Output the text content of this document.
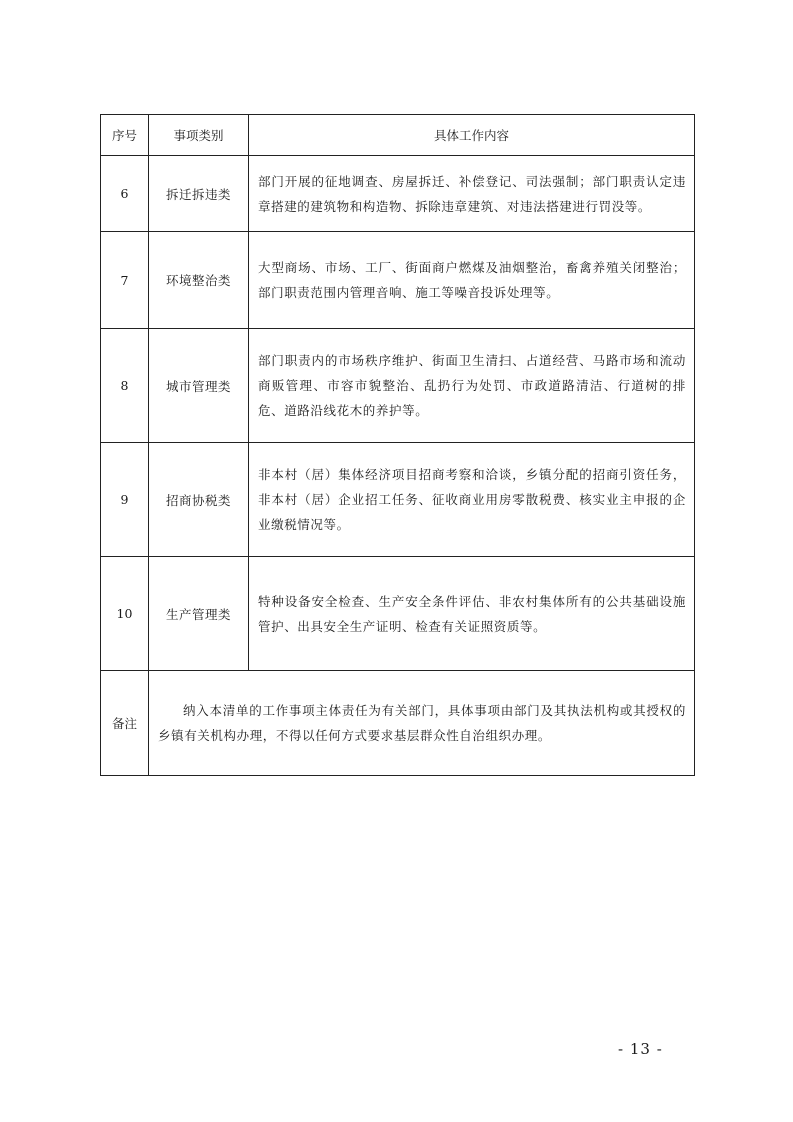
序号	事项类别	具体工作内容
6	拆迁拆违类	部门开展的征地调查、房屋拆迁、补偿登记、司法强制；部门职责认定违章搭建的建筑物和构造物、拆除违章建筑、对违法搭建进行罚没等。
7	环境整治类	大型商场、市场、工厂、街面商户燃煤及油烟整治，畜禽养殖关闭整治；部门职责范围内管理音响、施工等噪音投诉处理等。
8	城市管理类	部门职责内的市场秩序维护、街面卫生清扫、占道经营、马路市场和流动商贩管理、市容市貌整治、乱扔行为处罚、市政道路清洁、行道树的排危、道路沿线花木的养护等。
9	招商协税类	非本村（居）集体经济项目招商考察和洽谈，乡镇分配的招商引资任务，非本村（居）企业招工任务、征收商业用房零散税费、核实业主申报的企业缴税情况等。
10	生产管理类	特种设备安全检查、生产安全条件评估、非农村集体所有的公共基础设施管护、出具安全生产证明、检查有关证照资质等。
备注	纳入本清单的工作事项主体责任为有关部门，具体事项由部门及其执法机构或其授权的乡镇有关机构办理，不得以任何方式要求基层群众性自治组织办理。	
- 13 -
